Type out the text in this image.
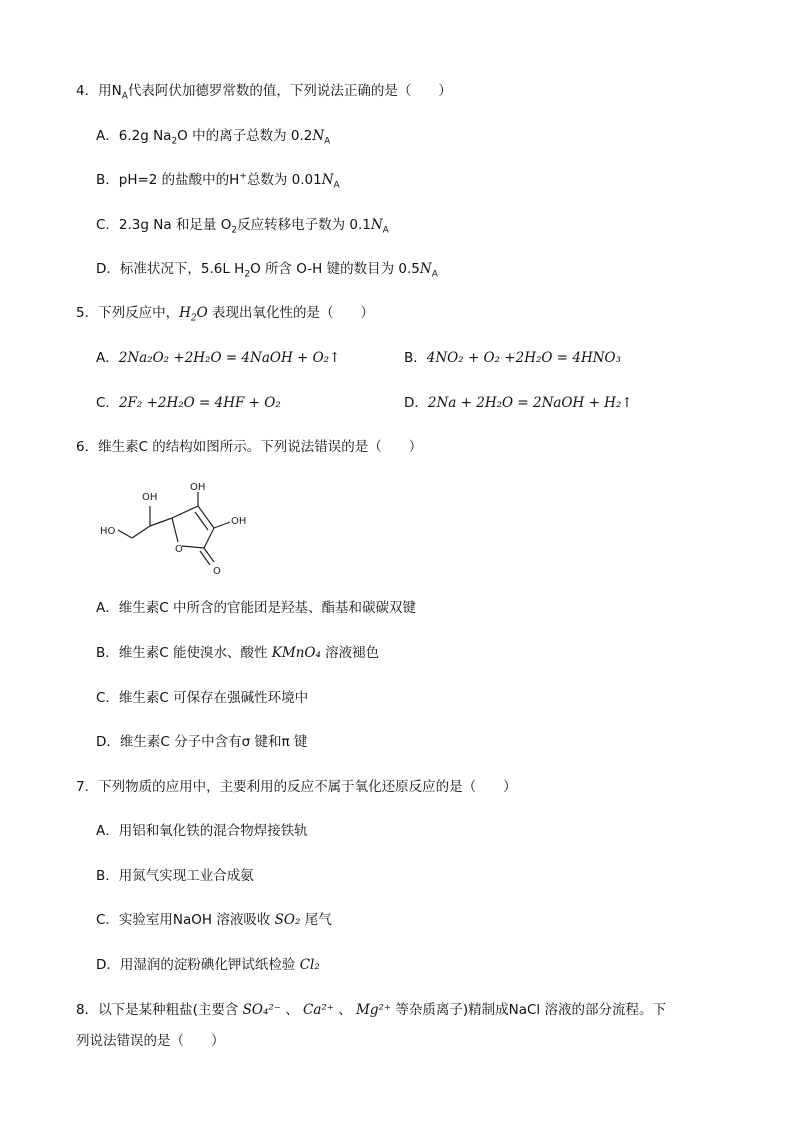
4．用$N_A$代表阿伏加德罗常数的值，下列说法正确的是（　　）
A．6.2g $Na_2O$ 中的离子总数为 $0.2N_A$
B．pH=2 的盐酸中的H+总数为 $0.01N_A$
C．2.3g Na 和足量 $O_2$反应转移电子数为 $0.1N_A$
D．标准状况下，5.6L $H_2O$ 所含 O-H 键的数目为 $0.5N_A$
5．下列反应中，$H_2O$ 表现出氧化性的是（　　）
A．2Na₂O₂ +2H₂O = 4NaOH + O₂↑	B．4NO₂ + O₂ +2H₂O = 4HNO₃
C．2F₂ +2H₂O = 4HF + O₂	D．2Na + 2H₂O = 2NaOH + H₂↑
6．维生素C 的结构如图所示。下列说法错误的是（　　）
OH
OH
OH
HO
O
O
A．维生素C 中所含的官能团是羟基、酯基和碳碳双键
B．维生素C 能使溴水、酸性 KMnO₄ 溶液褪色
C．维生素C 可保存在强碱性环境中
D．维生素C 分子中含有σ 键和π 键
7．下列物质的应用中，主要利用的反应不属于氧化还原反应的是（　　）
A．用铝和氧化铁的混合物焊接铁轨
B．用氮气实现工业合成氨
C．实验室用NaOH 溶液吸收 SO₂ 尾气
D．用湿润的淀粉碘化钾试纸检验 Cl₂
8．以下是某种粗盐(主要含 SO₄²⁻ 、 Ca²⁺ 、 Mg²⁺ 等杂质离子)精制成NaCl 溶液的部分流程。下
列说法错误的是（　　）
